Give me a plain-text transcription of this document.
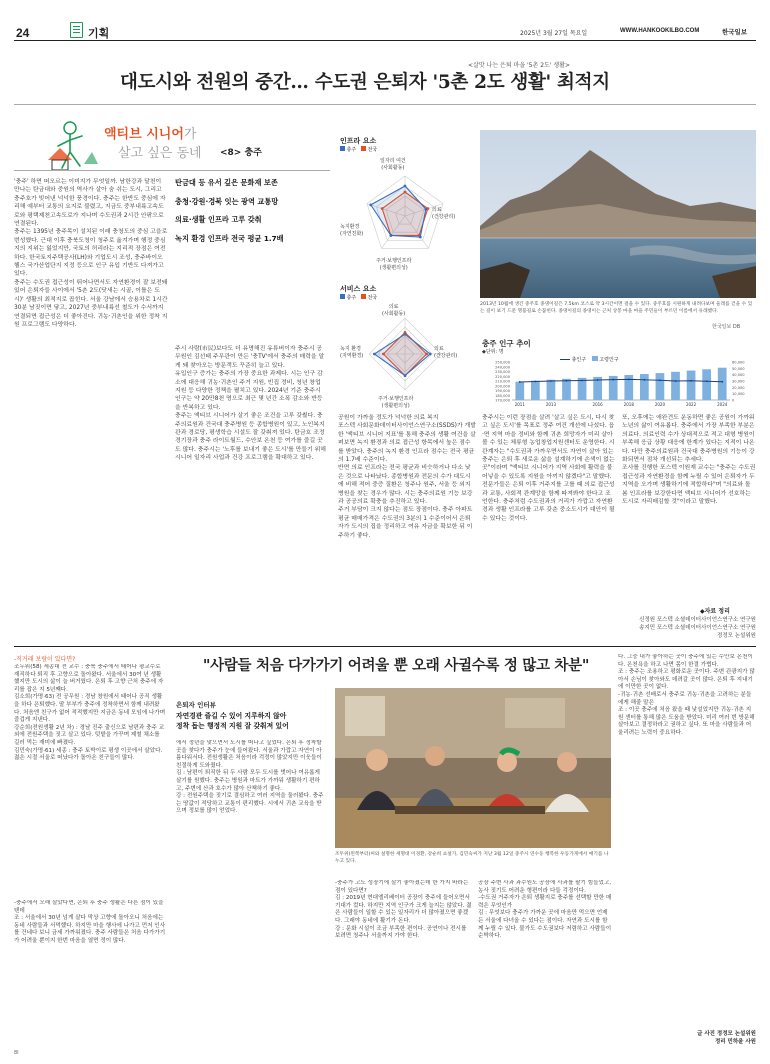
24	기획	2025년 3월 27일 목요일	WWW.HANKOOKILBO.COM	한국일보
<살맛 나는 은퇴 마을 '5촌 2도' 생활>
대도시와 전원의 중간… 수도권 은퇴자 '5촌 2도 생활' 최적지
액티브 시니어가
살고 싶은 동네 <8> 충주
탄금대 등 유서 깊은 문화재 보존
충청·강원·경북 잇는 광역 교통망
의료·생활 인프라 고루 갖춰
녹지 환경 인프라 전국 평균 1.7배
'충주' 하면 떠오르는 이미지가 무엇일까. 남한강과 달천이 만나는 탄금대와 중원의 역사가 살아 숨 쉬는 도시, 그리고 충주호가 빚어낸 넉넉한 풍경이다. 충주는 한반도 중심에 자리해 예부터 교통의 요지로 불렸고, 지금도 중부내륙고속도로와 평택제천고속도로가 지나며 수도권과 2시간 안팎으로 연결된다.
충주는 1395년 충주목이 설치된 이래 충청도의 중심 고을로 번성했다. 근대 이후 충북도청이 청주로 옮겨가며 행정 중심지의 지위는 잃었지만, 국토의 허리라는 지리적 장점은 여전하다. 한국토지주택공사(LH)와 기업도시 조성, 충주바이오헬스 국가산업단지 지정 등으로 인구 유입 기반도 다져가고 있다.
충주는 수도권 접근성이 뛰어나면서도 자연환경이 잘 보전돼 있어 은퇴자들 사이에서 '5촌 2도(닷새는 시골, 이틀은 도시)' 생활의 최적지로 꼽힌다. 서울 강남에서 승용차로 1시간 30분 남짓이면 닿고, 2027년 중부내륙선 철도가 수서까지 연결되면 접근성은 더 좋아진다. 귀농·귀촌인을 위한 정착 지원 프로그램도 다양하다.
주시 사람(市民)보다도 더 유명해진 유튜버이자 충주시 공무원인 김선태 주무관이 만든 '충TV'에서 충주의 매력을 알게 돼 찾아오는 방문객도 꾸준히 늘고 있다.
유입인구 증가는 충주의 가장 중요한 과제다. 시는 인구 감소에 대응해 귀농·귀촌인 주거 지원, 빈집 정비, 청년 창업 지원 등 다양한 정책을 펼치고 있다. 2024년 기준 충주시 인구는 약 20만8천 명으로 최근 몇 년간 소폭 감소와 반등을 반복하고 있다.
충주는 액티브 시니어가 살기 좋은 조건을 고루 갖췄다. 충주의료원과 건국대 충주병원 등 종합병원이 있고, 노인복지관과 경로당, 평생학습 시설도 잘 갖춰져 있다. 탄금호 조정경기장과 충주 라이트월드, 수안보 온천 등 여가를 즐길 곳도 많다. 충주시는 '노후를 보내기 좋은 도시'를 만들기 위해 시니어 일자리 사업과 건강 프로그램을 확대하고 있다.
공원이 가까울 정도가 넉넉한 의료 복지
포스텍 사회문화데이터사이언스연구소(SSDS)가 개발한 '액티브 시니어 지표'를 통해 충주의 생활 여건을 살펴보면 녹지 환경과 의료 접근성 항목에서 높은 점수를 받았다. 충주의 녹지 환경 인프라 점수는 전국 평균의 1.7배 수준이다.
반면 의료 인프라는 전국 평균과 비슷하거나 다소 낮은 것으로 나타났다. 종합병원과 전문의 수가 대도시에 비해 적어 중증 질환은 청주나 원주, 서울 등 외지 병원을 찾는 경우가 많다. 시는 충주의료원 기능 보강과 공공의료 확충을 추진하고 있다.
주거 부담이 크지 않다는 점도 장점이다. 충주 아파트 평균 매매가격은 수도권의 3분의 1 수준이어서 은퇴자가 도시의 집을 정리하고 여유 자금을 확보한 뒤 이주하기 좋다.
충주시는 이런 장점을 살려 '살고 싶은 도시, 다시 찾고 싶은 도시'를 목표로 정주 여건 개선에 나섰다. 읍·면 지역 마을 정비와 함께 귀촌 희망자가 미리 살아볼 수 있는 체류형 농업창업지원센터도 운영한다. 시 관계자는 "수도권과 가까우면서도 자연이 살아 있는 충주는 은퇴 후 새로운 삶을 설계하기에 손색이 없는 곳"이라며 "액티브 시니어가 지역 사회에 활력을 불어넣을 수 있도록 지원을 아끼지 않겠다"고 말했다.
전문가들은 은퇴 이후 거주지를 고를 때 의료 접근성과 교통, 사회적 관계망을 함께 따져봐야 한다고 조언한다. 충주처럼 수도권과의 거리가 가깝고 자연환경과 생활 인프라를 고루 갖춘 중소도시가 대안이 될 수 있다는 것이다.
또, 오후에는 애완견도 운동하면 좋은 공원이 가까워 노년의 삶이 여유롭다. 충주에서 가장 부족한 부분은 의료다. 의료인력 수가 상대적으로 적고 대형 병원이 부족해 응급 상황 대응에 한계가 있다는 지적이 나온다. 다만 충주의료원과 건국대 충주병원의 기능이 강화되면서 점차 개선되는 추세다.
조사를 진행한 포스텍 이원재 교수는 "충주는 수도권 접근성과 자연환경을 함께 누릴 수 있어 은퇴자가 두 지역을 오가며 생활하기에 적합하다"며 "의료와 돌봄 인프라를 보강한다면 액티브 시니어가 선호하는 도시로 자리매김할 것"이라고 말했다.
◆자료 정리
신정원 포스텍 소셜데이터사이언스연구소 연구원
송지민 포스텍 소셜데이터사이언스연구소 연구원
정정모 논설위원
인프라 요소
충주 전국
일자리 여건
(사회활동)
의료
(건강관리)
주거·보행인프라
(생활편의성)
녹지환경
(자연친화)
서비스 요소
충주 전국
의료
(사회활동)
의료
(건강관리)
주거·보행인프라
(생활편의성)
녹지 환경
(지역환경)
2013년 10월에 생긴 충주호 종댕이길은 7.5km 코스로 약 3시간이면 걸을 수 있다. 충주호를 시원하게 내려다보며 둘레를 걷을 수 있는 길이 보기 드문 명품길로 손꼽힌다. 종댕이길의 종댕이는 근처 상봉 마을 마을 주민들이 부르던 이름에서 유래했다.
한국일보 DB
충주 인구 추이
◆단위: 명
총인구	고령인구
250,000
240,000
230,000
220,000
210,000
200,000
190,000
180,000
170,000
60,000
50,000
40,000
30,000
20,000
10,000
0
2011	2013	2016	2018	2020	2022	2024
-직거래 보람이 있다면?
조두위(58) 세종대 전 교수 : 충북 충주에서 태어나 평교수로 재직하다 퇴직 후 고향으로 돌아왔다. 서울에서 30여 년 생활했지만 도시의 삶이 늘 버거웠다. 은퇴 후 고향 근처 충주에 자리를 잡은 지 5년째다.
김소희(가명·63) 전 공무원 : 경남 창원에서 태어나 공직 생활을 하다 은퇴했다. 딸 부부가 충주에 정착하면서 함께 내려왔다. 처음엔 친구가 없어 적적했지만 지금은 동네 모임에 나가며 즐겁게 지낸다.
강순희(전원생활 2년 차) : 경남 진주 출신으로 남편과 충주 교외에 전원주택을 짓고 살고 있다. 텃밭을 가꾸며 제철 채소를 길러 먹는 재미에 빠졌다.
김민숙(가명·61) 세종 : 충주 토박이로 평생 이곳에서 살았다. 젊은 시절 서울로 떠났다가 돌아온 친구들이 많다.
-충주에서 오래 살았다면, 은퇴 후 충주 생활은 다른 점이 있을 텐데
조 : 서울에서 30년 넘게 살다 막상 고향에 돌아오니 처음에는 동네 사람들과 서먹했다. 하지만 마을 행사에 나가고 먼저 인사를 건네다 보니 금세 가까워졌다. 충주 사람들은 처음 다가가기가 어려울 뿐이지 한번 마음을 열면 정이 많다.
"사람들 처음 다가가기 어려울 뿐 오래 사귈수록 정 많고 차분"
은퇴자 인터뷰
자연경관 즐길 수 있어 지루하지 않아
정착 돕는 행정적 지원 잘 갖춰져 있어
에서 정년을 맞으면서 도시를 떠나고 싶었다. 은퇴 후 정착할 곳을 찾다가 충주가 눈에 들어왔다. 서울과 가깝고 자연이 아름다워서다. 전원생활은 처음이라 걱정이 많았지만 이웃들이 친절하게 도와줬다.
김 : 남편이 퇴직한 뒤 두 사람 모두 도시를 벗어나 여유롭게 살기를 원했다. 충주는 병원과 마트가 가까워 생활하기 편하고, 주변에 산과 호수가 많아 산책하기 좋다.
강 : 전원주택을 짓기로 결심하고 여러 지역을 둘러봤다. 충주는 땅값이 적당하고 교통이 편리했다. 시에서 귀촌 교육을 받으며 정보를 많이 얻었다.
조두위(왼쪽부터)씨와 설명한 세명대 이경환, 강순희 쇼설가, 김민숙씨가 지난 3월 12일 충주시 연수동 행복한 우동가게에서 얘기를 나누고 있다.
-충주가 고도 성장기에 살기 좋아졌는데 한 가지 바라는 점이 있다면?
김 : 2019년 현대엘리베이터 공장이 충주에 들어오면서 기대가 컸다. 하지만 지역 인구가 크게 늘지는 않았다. 젊은 사람들이 일할 수 있는 일자리가 더 많아졌으면 좋겠다. 그래야 동네에 활기가 돈다.
강 : 문화 시설이 조금 부족한 편이다. 공연이나 전시를 보려면 청주나 서울까지 가야 한다.
공장 주변 사과 과수원도 공장에 사과를 팔기 힘들었고, 농사 짓기도 어려운 형편이라 다들 걱정이다.
-수도권 거주자가 은퇴 생활지로 충주를 선택할 만한 매력은 무엇인가
김 : 무엇보다 충주가 가까운 곳에 마음만 먹으면 언제든 서울에 다녀올 수 있다는 점이다. 자연과 도시를 함께 누릴 수 있다. 물가도 수도권보다 저렴하고 사람들이 순박하다.
다. 그중 내가 좋아하는 곳이 충주에 있는 수안보 온천이다. 온천욕을 하고 나면 몸이 한결 가볍다.
조 : 충주는 조용하고 평화로운 곳이다. 주변 관광지가 많아서 손님이 찾아와도 데려갈 곳이 많다. 은퇴 후 지내기에 이만한 곳이 없다.
-귀농·귀촌 선배로서 충주로 귀농·귀촌을 고려하는 분들에게 해줄 말은
조 : 이곳 충주에 처음 왔을 때 낯설었지만 귀농·귀촌 지원 센터를 통해 많은 도움을 받았다. 미리 여러 번 방문해 살아보고 결정하라고 권하고 싶다. 또 마을 사람들과 어울리려는 노력이 중요하다.
글 사진 정정모 논설위원
정리 민하윤 사원
8I
